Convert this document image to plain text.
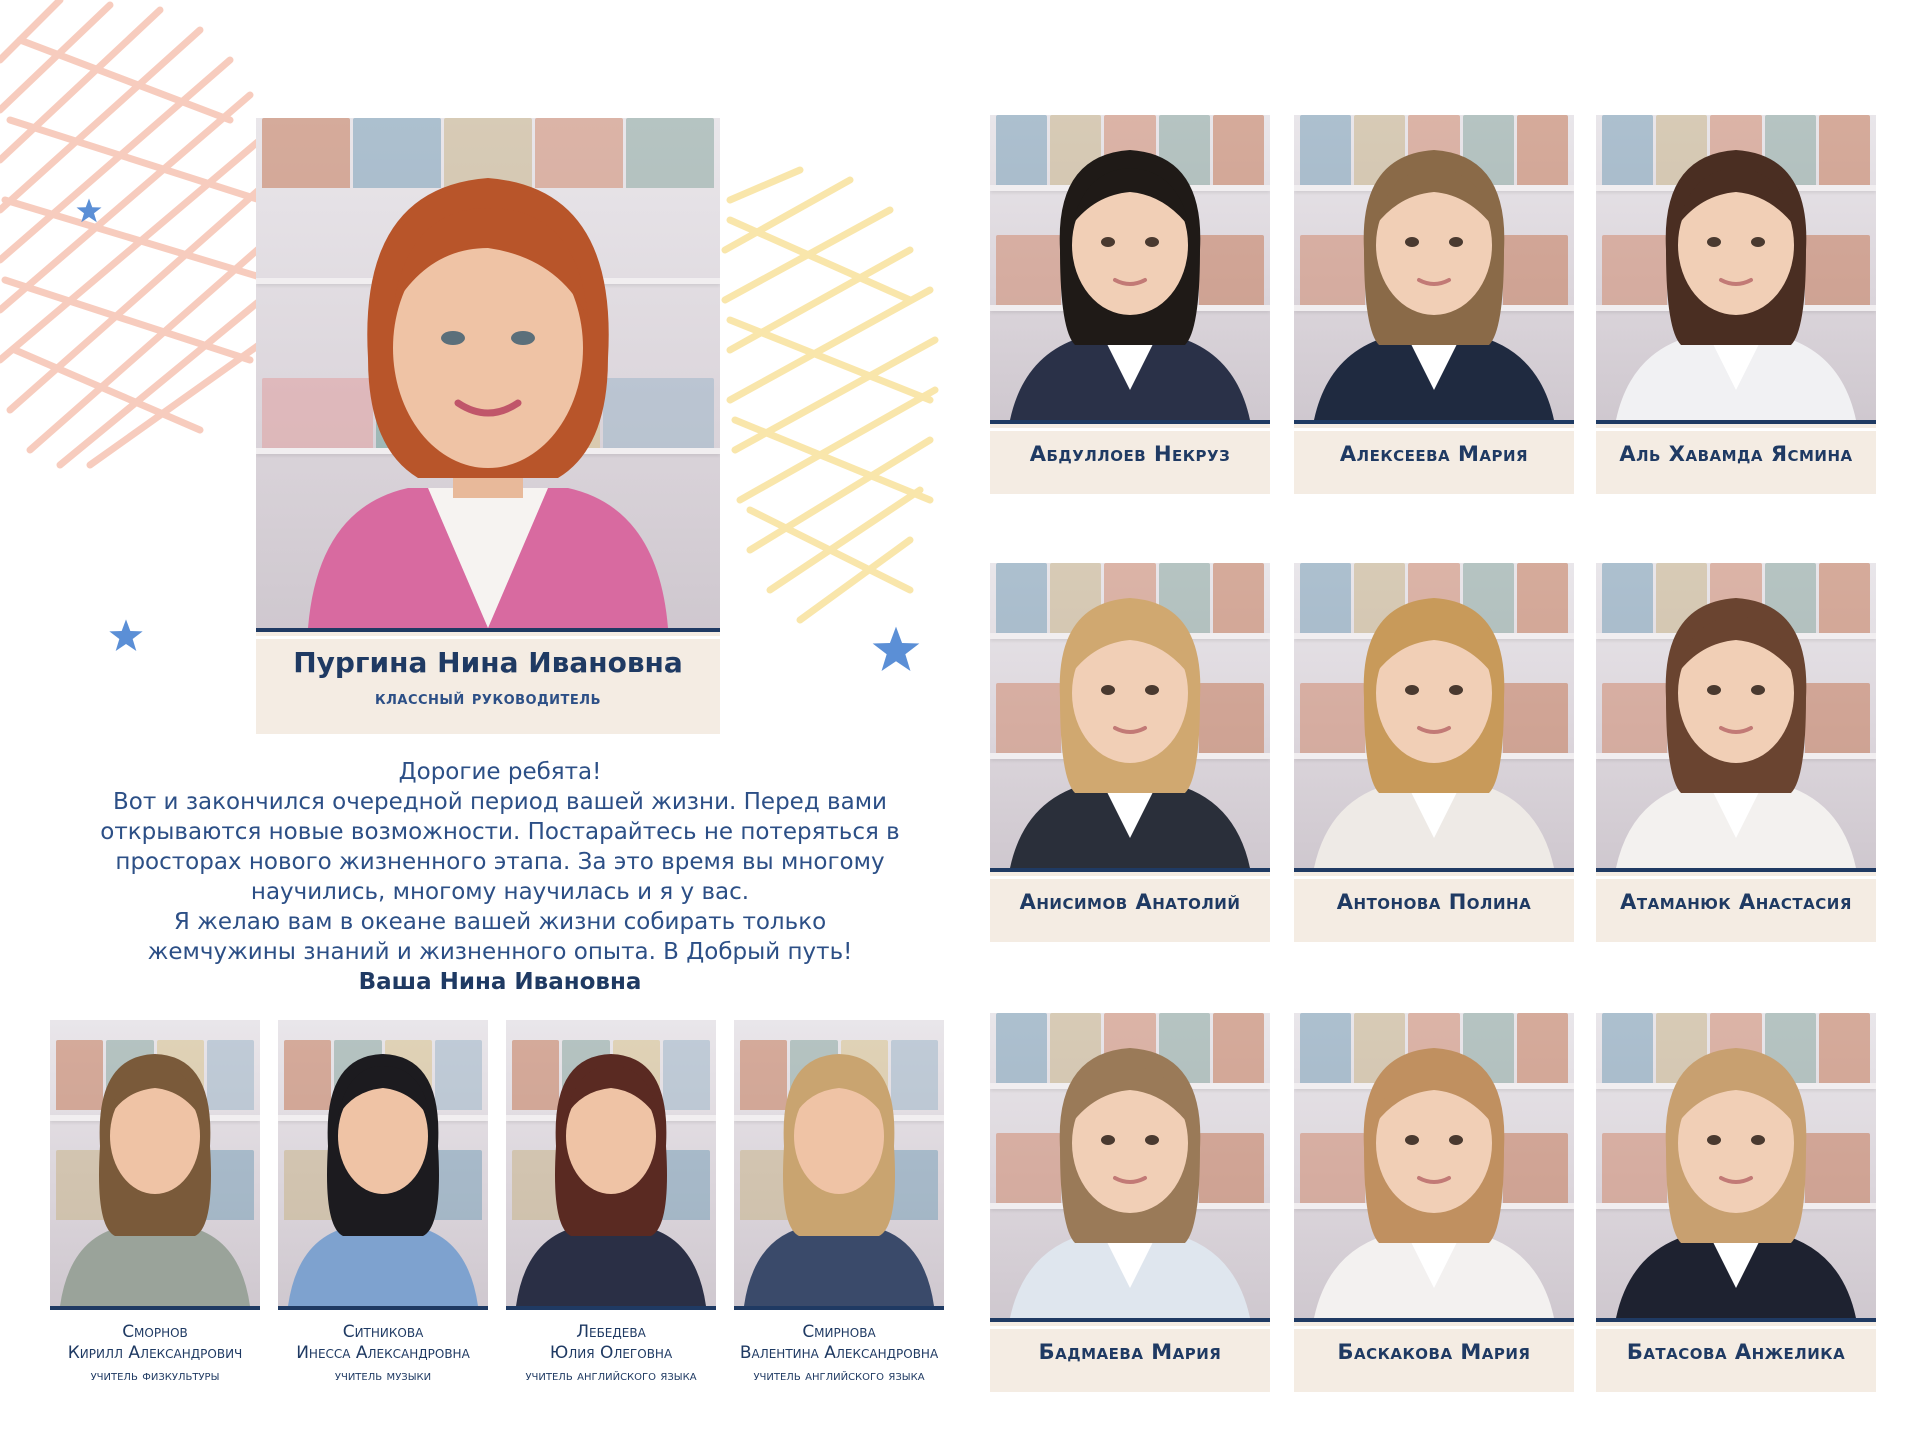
Пургина Нина Ивановна
классный руководитель
Дорогие ребята!
Вот и закончился очередной период вашей жизни. Перед вами
открываются новые возможности. Постарайтесь не потеряться в
просторах нового жизненного этапа. За это время вы многому
научились, многому научилась и я у вас.
Я желаю вам в океане вашей жизни собирать только
жемчужины знаний и жизненного опыта. В Добрый путь!
Ваша Нина Ивановна
Сморнов
Кирилл Александрович
учитель физкультуры
Ситникова
Инесса Александровна
учитель музыки
Лебедева
Юлия Олеговна
учитель английского языка
Смирнова
Валентина Александровна
учитель английского языка
Абдуллоев Некруз	Алексеева Мария	Аль Хавамда Ясмина
Анисимов Анатолий	Антонова Полина	Атаманюк Анастасия
Бадмаева Мария	Баскакова Мария	Батасова Анжелика
